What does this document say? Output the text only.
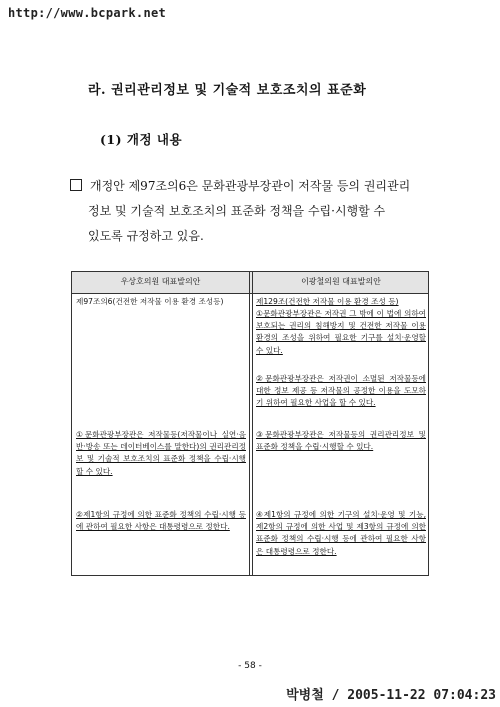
http://www.bcpark.net
라. 권리관리정보 및 기술적 보호조치의 표준화
(1) 개정 내용
개정안 제97조의6은 문화관광부장관이 저작물 등의 권리관리
정보 및 기술적 보호조치의 표준화 정책을 수립·시행할 수
있도록 규정하고 있음.
우상호의원 대표발의안	이광철의원 대표발의안
제97조의6(건전한 저작물 이용 환경 조성등)
①문화관광부장관은 저작물등(저작물이나 실연·음반·방송 또는 데이터베이스를 말한다)의 권리관리정보 및 기술적 보호조치의 표준화 정책을 수립·시행할 수 있다.
②제1항의 규정에 의한 표준화 정책의 수립·시행 등에 관하여 필요한 사항은 대통령령으로 정한다.
제129조(건전한 저작물 이용 환경 조성 등)
①문화관광부장관은 저작권 그 밖에 이 법에 의하여 보호되는 권리의 침해방지 및 건전한 저작물 이용 환경의 조성을 위하여 필요한 기구를 설치·운영할 수 있다.
②문화관광부장관은 저작권이 소멸된 저작물등에 대한 정보 제공 등 저작물의 공정한 이용을 도모하기 위하여 필요한 사업을 할 수 있다.
③문화관광부장관은 저작물등의 권리관리정보 및 표준화 정책을 수립·시행할 수 있다.
④제1항의 규정에 의한 기구의 설치·운영 및 기능, 제2항의 규정에 의한 사업 및 제3항의 규정에 의한 표준화 정책의 수립·시행 등에 관하여 필요한 사항은 대통령령으로 정한다.
- 58 -
박병철 / 2005-11-22 07:04:23
